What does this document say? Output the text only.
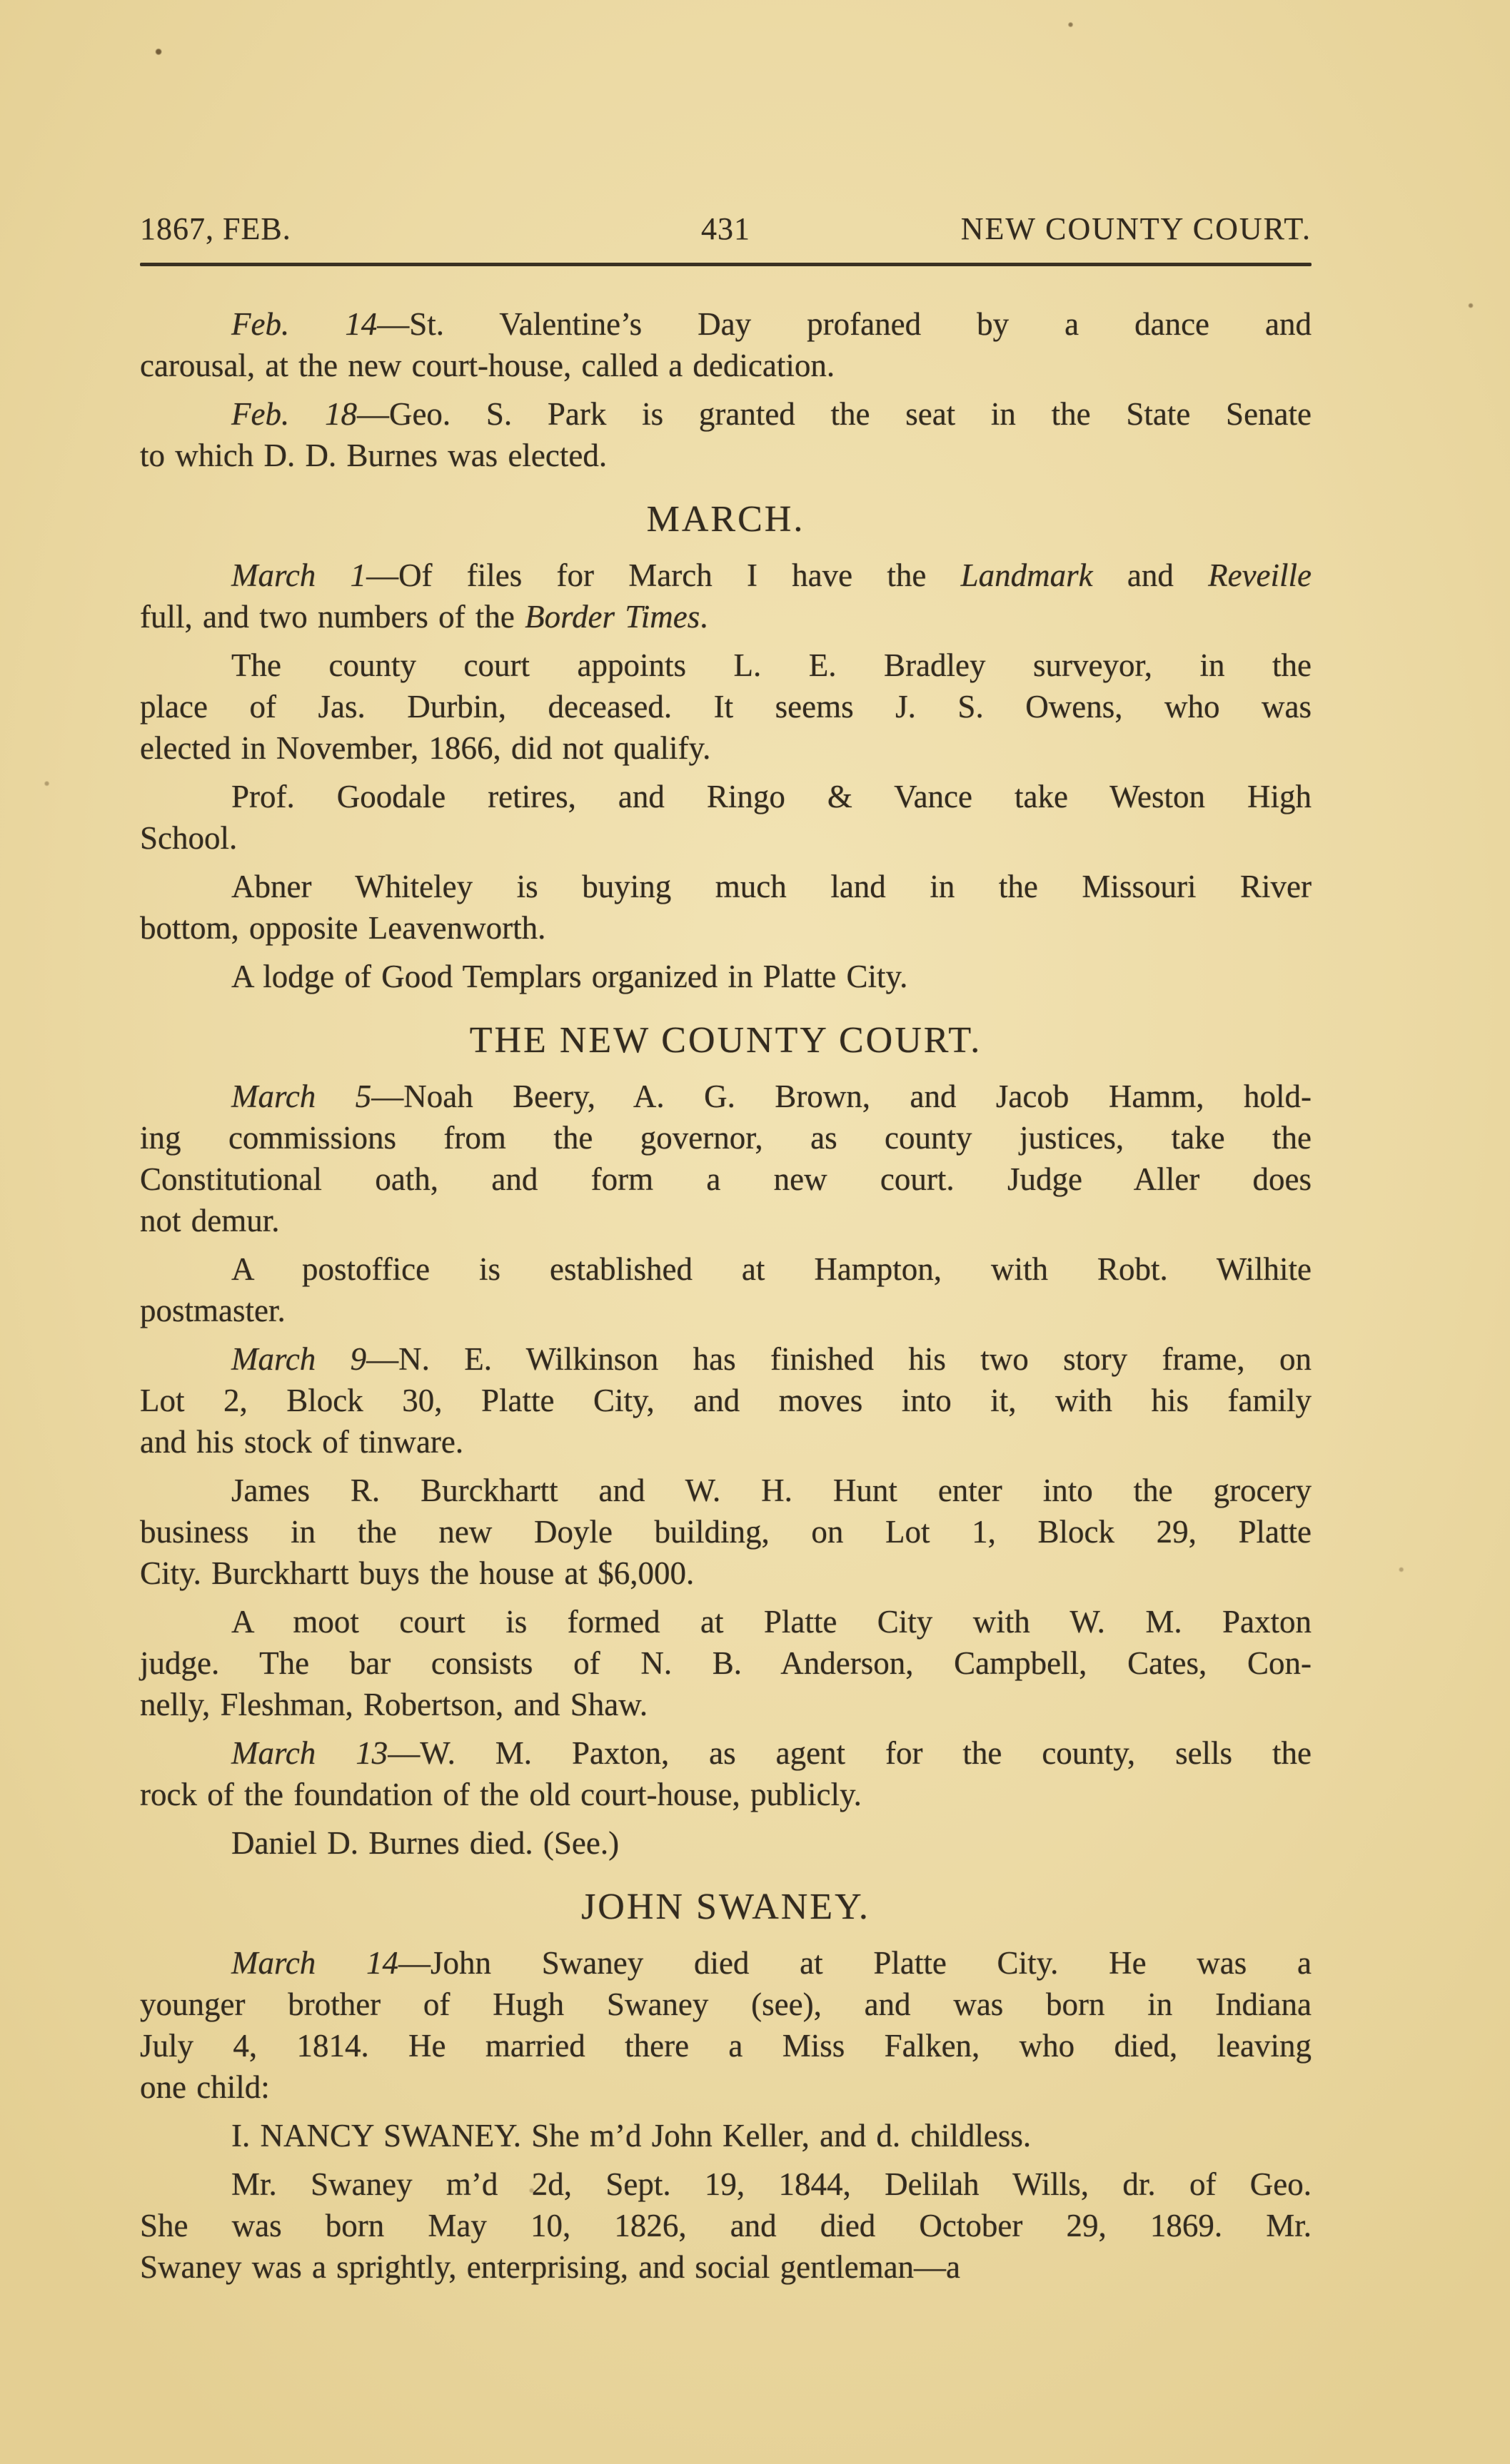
1867, FEB.	431	NEW COUNTY COURT.
Feb. 14—St. Valentine’s Day profaned by a dance and
carousal, at the new court-house, called a dedication.
Feb. 18—Geo. S. Park is granted the seat in the State Senate
to which D. D. Burnes was elected.
MARCH.
March 1—Of files for March I have the Landmark and Reveille
full, and two numbers of the Border Times.
The county court appoints L. E. Bradley surveyor, in the
place of Jas. Durbin, deceased. It seems J. S. Owens, who was
elected in November, 1866, did not qualify.
Prof. Goodale retires, and Ringo & Vance take Weston High
School.
Abner Whiteley is buying much land in the Missouri River
bottom, opposite Leavenworth.
A lodge of Good Templars organized in Platte City.
THE NEW COUNTY COURT.
March 5—Noah Beery, A. G. Brown, and Jacob Hamm, hold-
ing commissions from the governor, as county justices, take the
Constitutional oath, and form a new court. Judge Aller does
not demur.
A postoffice is established at Hampton, with Robt. Wilhite
postmaster.
March 9—N. E. Wilkinson has finished his two story frame, on
Lot 2, Block 30, Platte City, and moves into it, with his family
and his stock of tinware.
James R. Burckhartt and W. H. Hunt enter into the grocery
business in the new Doyle building, on Lot 1, Block 29, Platte
City. Burckhartt buys the house at $6,000.
A moot court is formed at Platte City with W. M. Paxton
judge. The bar consists of N. B. Anderson, Campbell, Cates, Con-
nelly, Fleshman, Robertson, and Shaw.
March 13—W. M. Paxton, as agent for the county, sells the
rock of the foundation of the old court-house, publicly.
Daniel D. Burnes died. (See.)
JOHN SWANEY.
March 14—John Swaney died at Platte City. He was a
younger brother of Hugh Swaney (see), and was born in Indiana
July 4, 1814. He married there a Miss Falken, who died, leaving
one child:
I. NANCY SWANEY. She m’d John Keller, and d. childless.
Mr. Swaney m’d 2d, Sept. 19, 1844, Delilah Wills, dr. of Geo.
She was born May 10, 1826, and died October 29, 1869. Mr.
Swaney was a sprightly, enterprising, and social gentleman—a
